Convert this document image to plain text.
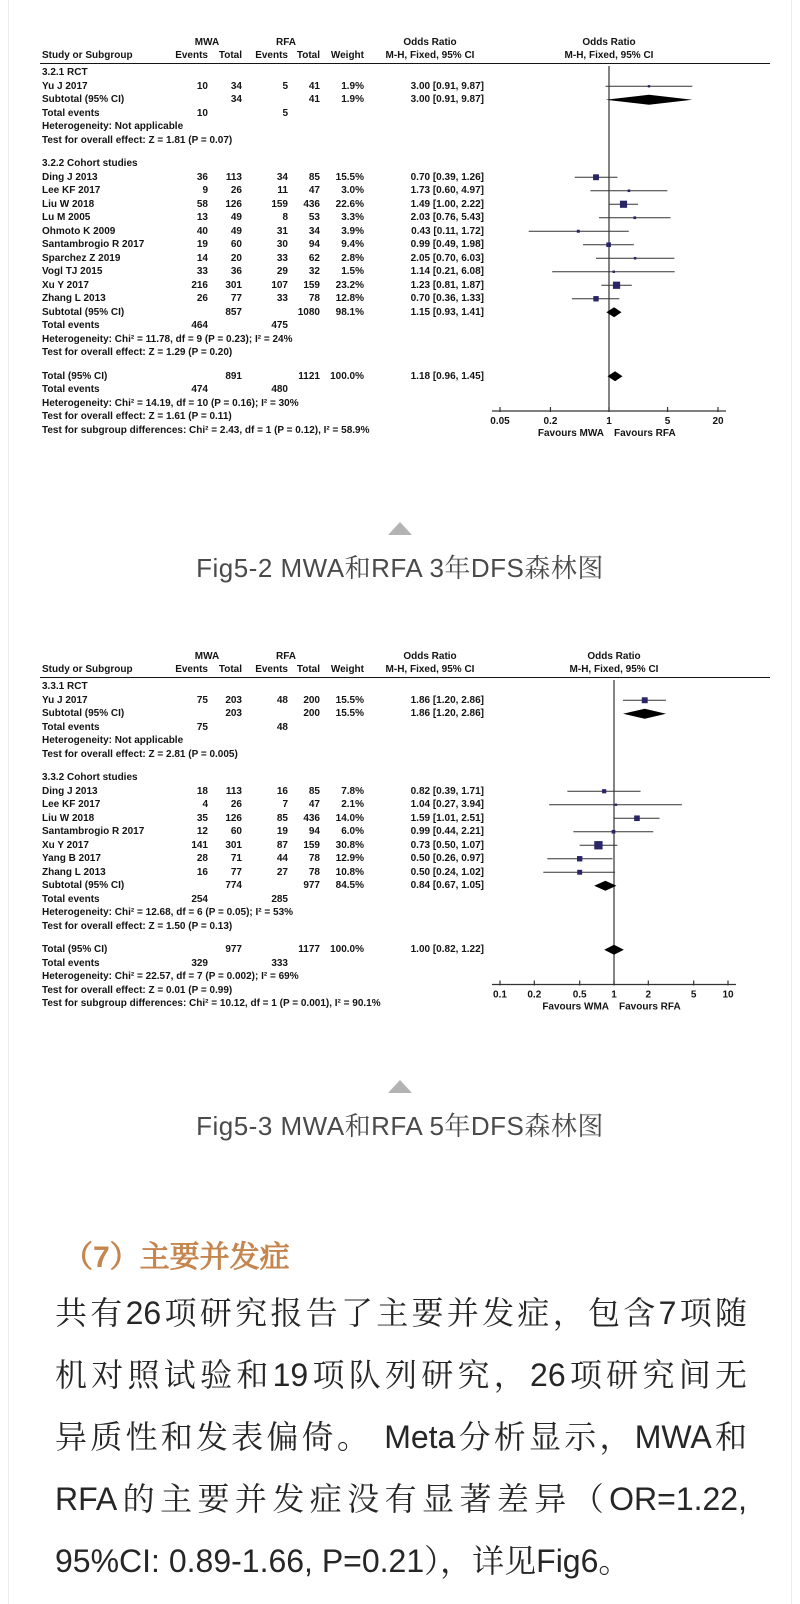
MWA	RFA	Odds Ratio	Odds Ratio
Study or Subgroup	Events Total Events Total Weight M-H, Fixed, 95% CI	M-H, Fixed, 95% CI
3.2.1 RCT
Yu J 2017	10 34	5 41 1.9%	3.00 [0.91, 9.87]
Subtotal (95% CI)	34	41 1.9%	3.00 [0.91, 9.87]
Total events	10	5
Heterogeneity: Not applicable
Test for overall effect: Z = 1.81 (P = 0.07)
3.2.2 Cohort studies
Ding J 2013	36 113	34 85 15.5%	0.70 [0.39, 1.26]
Lee KF 2017	9 26	11 47 3.0%	1.73 [0.60, 4.97]
Liu W 2018	58 126	159 436 22.6%	1.49 [1.00, 2.22]
Lu M 2005	13 49	8 53 3.3%	2.03 [0.76, 5.43]
Ohmoto K 2009	40 49	31 34 3.9%	0.43 [0.11, 1.72]
Santambrogio R 2017	19 60	30 94 9.4%	0.99 [0.49, 1.98]
Sparchez Z 2019	14 20	33 62 2.8%	2.05 [0.70, 6.03]
Vogl TJ 2015	33 36	29 32 1.5%	1.14 [0.21, 6.08]
Xu Y 2017	216 301	107 159 23.2%	1.23 [0.81, 1.87]
Zhang L 2013	26 77	33 78 12.8%	0.70 [0.36, 1.33]
Subtotal (95% CI)	857	1080 98.1%	1.15 [0.93, 1.41]
Total events	464	475
Heterogeneity: Chi² = 11.78, df = 9 (P = 0.23); I² = 24%
Test for overall effect: Z = 1.29 (P = 0.20)
Total (95% CI)	891	1121 100.0%	1.18 [0.96, 1.45]
Total events	474	480
Heterogeneity: Chi² = 14.19, df = 10 (P = 0.16); I² = 30%
Test for overall effect: Z = 1.61 (P = 0.11)
Test for subgroup differences: Chi² = 2.43, df = 1 (P = 0.12), I² = 58.9%
0.05	0.2	1	5	20
Favours MWA Favours RFA
Fig5-2 MWA和RFA 3年DFS森林图
MWA	RFA	Odds Ratio	Odds Ratio
Study or Subgroup	Events Total Events Total Weight M-H, Fixed, 95% CI	M-H, Fixed, 95% CI
3.3.1 RCT
Yu J 2017	75 203	48 200 15.5%	1.86 [1.20, 2.86]
Subtotal (95% CI)	203	200 15.5%	1.86 [1.20, 2.86]
Total events	75	48
Heterogeneity: Not applicable
Test for overall effect: Z = 2.81 (P = 0.005)
3.3.2 Cohort studies
Ding J 2013	18 113	16 85 7.8%	0.82 [0.39, 1.71]
Lee KF 2017	4 26	7 47 2.1%	1.04 [0.27, 3.94]
Liu W 2018	35 126	85 436 14.0%	1.59 [1.01, 2.51]
Santambrogio R 2017	12 60	19 94 6.0%	0.99 [0.44, 2.21]
Xu Y 2017	141 301	87 159 30.8%	0.73 [0.50, 1.07]
Yang B 2017	28 71	44 78 12.9%	0.50 [0.26, 0.97]
Zhang L 2013	16 77	27 78 10.8%	0.50 [0.24, 1.02]
Subtotal (95% CI)	774	977 84.5%	0.84 [0.67, 1.05]
Total events	254	285
Heterogeneity: Chi² = 12.68, df = 6 (P = 0.05); I² = 53%
Test for overall effect: Z = 1.50 (P = 0.13)
Total (95% CI)	977	1177 100.0%	1.00 [0.82, 1.22]
Total events	329	333
Heterogeneity: Chi² = 22.57, df = 7 (P = 0.002); I² = 69%
Test for overall effect: Z = 0.01 (P = 0.99)
Test for subgroup differences: Chi² = 10.12, df = 1 (P = 0.001), I² = 90.1%
0.1 0.2	0.5 1	2	5	10
Favours WMA Favours RFA
Fig5-3 MWA和RFA 5年DFS森林图
（7）主要并发症
共有26项研究报告了主要并发症，包含7项随
机对照试验和19项队列研究，26项研究间无
异质性和发表偏倚。 Meta分析显示，MWA和
RFA的主要并发症没有显著差异（OR=1.22,
95%CI: 0.89-1.66, P=0.21），详见Fig6。
